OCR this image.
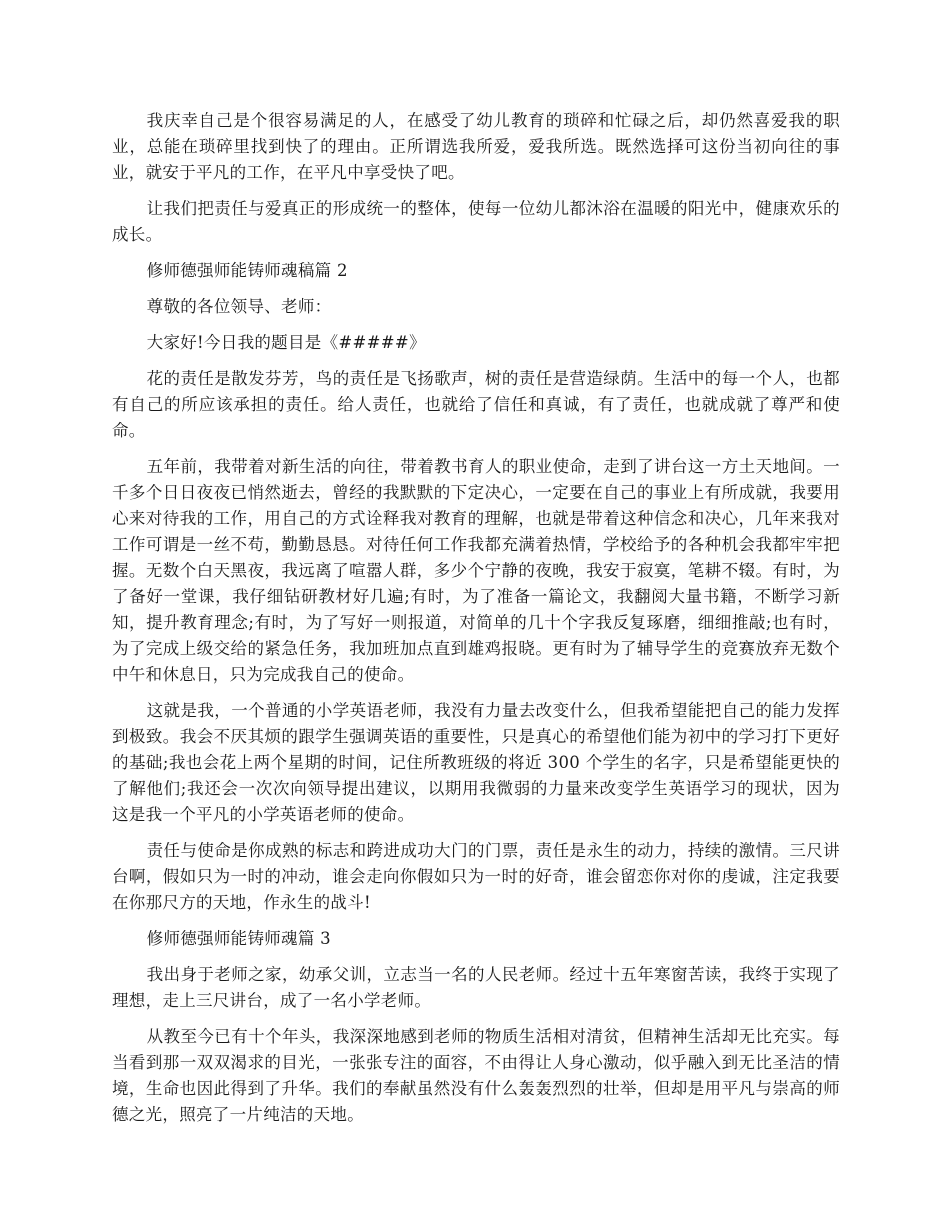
我庆幸自己是个很容易满足的人，在感受了幼儿教育的琐碎和忙碌之后，却仍然喜爱我的职业，总能在琐碎里找到快了的理由。正所谓选我所爱，爱我所选。既然选择可这份当初向往的事业，就安于平凡的工作，在平凡中享受快了吧。

让我们把责任与爱真正的形成统一的整体，使每一位幼儿都沐浴在温暖的阳光中，健康欢乐的成长。

修师德强师能铸师魂稿篇 2

尊敬的各位领导、老师：

大家好!今日我的题目是《#####》

花的责任是散发芬芳，鸟的责任是飞扬歌声，树的责任是营造绿荫。生活中的每一个人，也都有自己的所应该承担的责任。给人责任，也就给了信任和真诚，有了责任，也就成就了尊严和使命。

五年前，我带着对新生活的向往，带着教书育人的职业使命，走到了讲台这一方土天地间。一千多个日日夜夜已悄然逝去，曾经的我默默的下定决心，一定要在自己的事业上有所成就，我要用心来对待我的工作，用自己的方式诠释我对教育的理解，也就是带着这种信念和决心，几年来我对工作可谓是一丝不苟，勤勤恳恳。对待任何工作我都充满着热情，学校给予的各种机会我都牢牢把握。无数个白天黑夜，我远离了喧嚣人群，多少个宁静的夜晚，我安于寂寞，笔耕不辍。有时，为了备好一堂课，我仔细钻研教材好几遍;有时，为了准备一篇论文，我翻阅大量书籍，不断学习新知，提升教育理念;有时，为了写好一则报道，对简单的几十个字我反复琢磨，细细推敲;也有时，为了完成上级交给的紧急任务，我加班加点直到雄鸡报晓。更有时为了辅导学生的竞赛放弃无数个中午和休息日，只为完成我自己的使命。

这就是我，一个普通的小学英语老师，我没有力量去改变什么，但我希望能把自己的能力发挥到极致。我会不厌其烦的跟学生强调英语的重要性，只是真心的希望他们能为初中的学习打下更好的基础;我也会花上两个星期的时间，记住所教班级的将近 300 个学生的名字，只是希望能更快的了解他们;我还会一次次向领导提出建议，以期用我微弱的力量来改变学生英语学习的现状，因为这是我一个平凡的小学英语老师的使命。

责任与使命是你成熟的标志和跨进成功大门的门票，责任是永生的动力，持续的激情。三尺讲台啊，假如只为一时的冲动，谁会走向你假如只为一时的好奇，谁会留恋你对你的虔诚，注定我要在你那尺方的天地，作永生的战斗!

修师德强师能铸师魂篇 3

我出身于老师之家，幼承父训，立志当一名的人民老师。经过十五年寒窗苦读，我终于实现了理想，走上三尺讲台，成了一名小学老师。

从教至今已有十个年头，我深深地感到老师的物质生活相对清贫，但精神生活却无比充实。每当看到那一双双渴求的目光，一张张专注的面容，不由得让人身心激动，似乎融入到无比圣洁的情境，生命也因此得到了升华。我们的奉献虽然没有什么轰轰烈烈的壮举，但却是用平凡与崇高的师德之光，照亮了一片纯洁的天地。
